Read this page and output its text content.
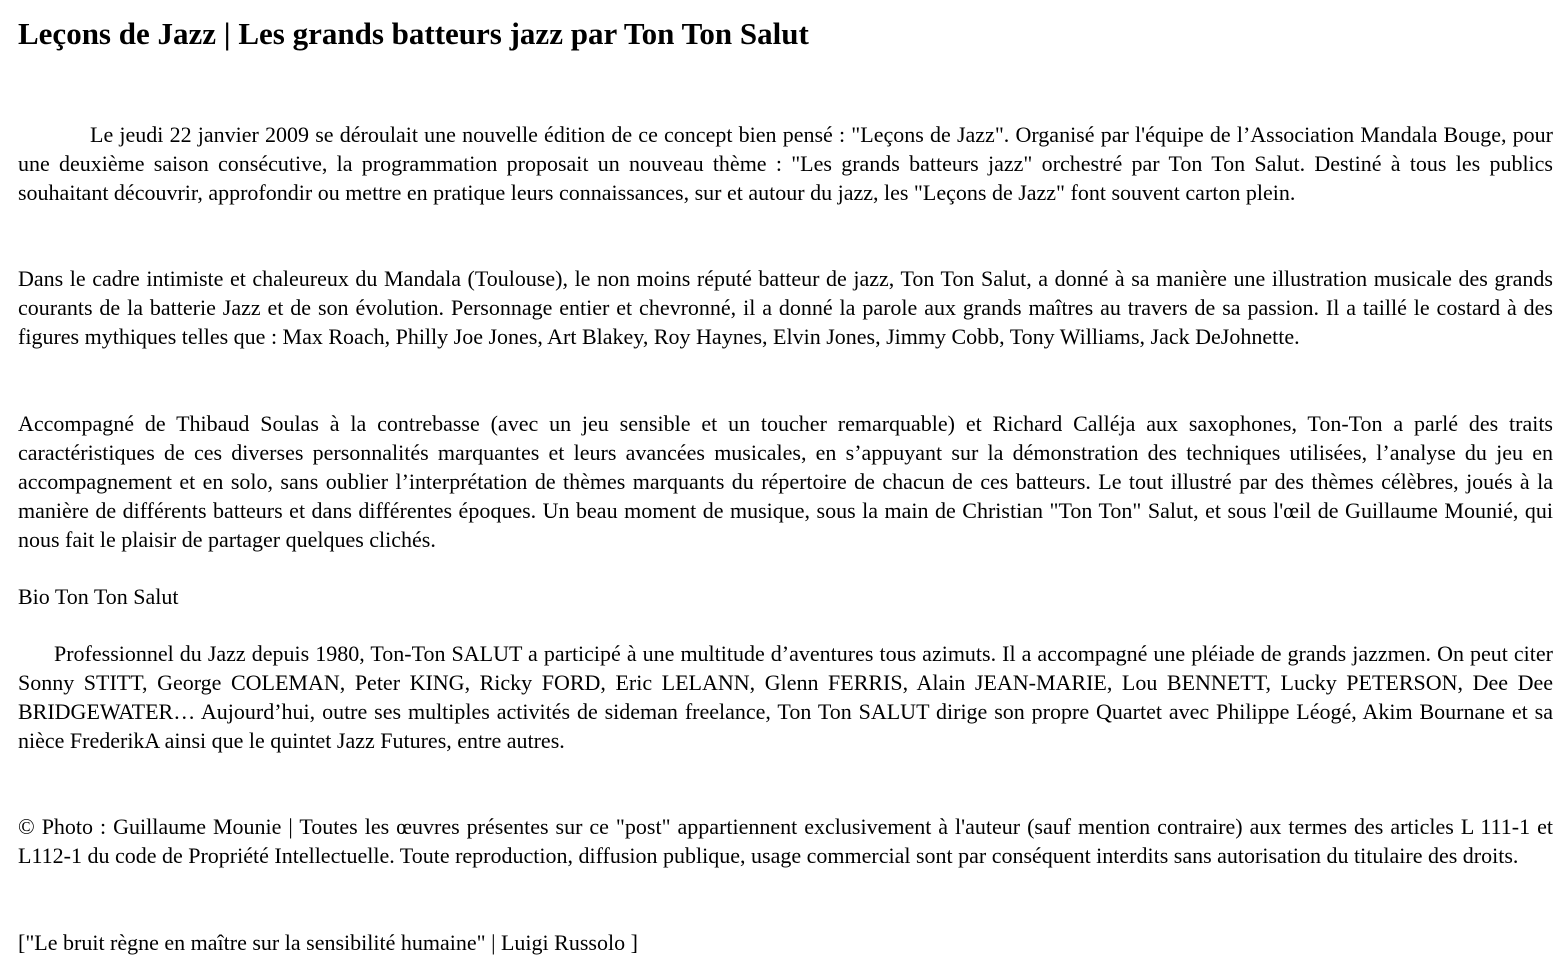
Leçons de Jazz | Les grands batteurs jazz par Ton Ton Salut

Le jeudi 22 janvier 2009 se déroulait une nouvelle édition de ce concept bien pensé : "Leçons de Jazz". Organisé par l'équipe de l’Association Mandala Bouge, pour une deuxième saison consécutive, la programmation proposait un nouveau thème : "Les grands batteurs jazz" orchestré par Ton Ton Salut. Destiné à tous les publics souhaitant découvrir, approfondir ou mettre en pratique leurs connaissances, sur et autour du jazz, les "Leçons de Jazz" font souvent carton plein.

Dans le cadre intimiste et chaleureux du Mandala (Toulouse), le non moins réputé batteur de jazz, Ton Ton Salut, a donné à sa manière une illustration musicale des grands courants de la batterie Jazz et de son évolution. Personnage entier et chevronné, il a donné la parole aux grands maîtres au travers de sa passion. Il a taillé le costard à des figures mythiques telles que : Max Roach, Philly Joe Jones, Art Blakey, Roy Haynes, Elvin Jones, Jimmy Cobb, Tony Williams, Jack DeJohnette.

Accompagné de Thibaud Soulas à la contrebasse (avec un jeu sensible et un toucher remarquable) et Richard Calléja aux saxophones, Ton-Ton a parlé des traits caractéristiques de ces diverses personnalités marquantes et leurs avancées musicales, en s’appuyant sur la démonstration des techniques utilisées, l’analyse du jeu en accompagnement et en solo, sans oublier l’interprétation de thèmes marquants du répertoire de chacun de ces batteurs. Le tout illustré par des thèmes célèbres, joués à la manière de différents batteurs et dans différentes époques. Un beau moment de musique, sous la main de Christian "Ton Ton" Salut, et sous l'œil de Guillaume Mounié, qui nous fait le plaisir de partager quelques clichés.

Bio Ton Ton Salut

Professionnel du Jazz depuis 1980, Ton-Ton SALUT a participé à une multitude d’aventures tous azimuts. Il a accompagné une pléiade de grands jazzmen. On peut citer Sonny STITT, George COLEMAN, Peter KING, Ricky FORD, Eric LELANN, Glenn FERRIS, Alain JEAN-MARIE, Lou BENNETT, Lucky PETERSON, Dee Dee BRIDGEWATER… Aujourd’hui, outre ses multiples activités de sideman freelance, Ton Ton SALUT dirige son propre Quartet avec Philippe Léogé, Akim Bournane et sa nièce FrederikA ainsi que le quintet Jazz Futures, entre autres.

© Photo : Guillaume Mounie | Toutes les œuvres présentes sur ce "post" appartiennent exclusivement à l'auteur (sauf mention contraire) aux termes des articles L 111-1 et L112-1 du code de Propriété Intellectuelle. Toute reproduction, diffusion publique, usage commercial sont par conséquent interdits sans autorisation du titulaire des droits.

["Le bruit règne en maître sur la sensibilité humaine" | Luigi Russolo ]
